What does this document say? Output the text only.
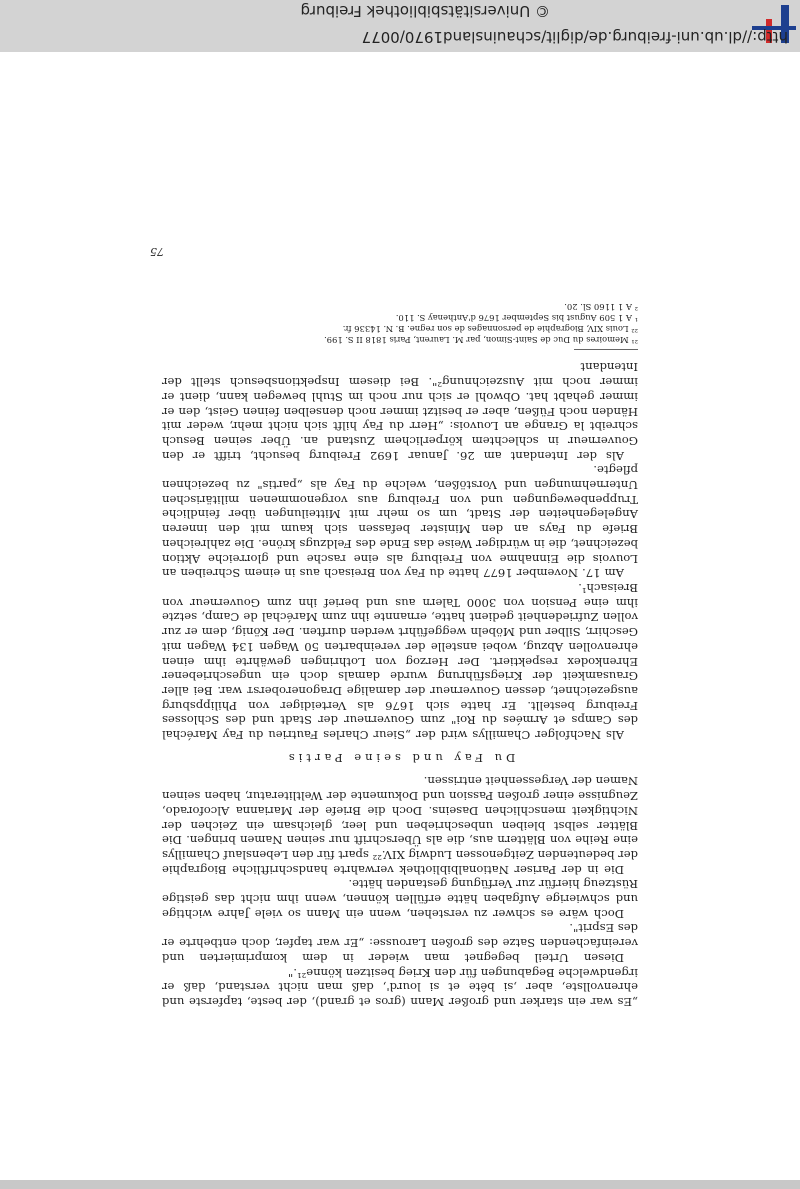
© Universitätsbibliothek Freiburg
http://dl.ub.uni-freiburg.de/diglit/schauinsland1970/0077

„Es war ein starker und großer Mann (gros et grand), der beste, tapferste und ehrenvollste, aber ‚si bête et si lourd', daß man nicht verstand, daß er irgendwelche Begabungen für den Krieg besitzen könne²¹."

Diesen Urteil begegnet man wieder in dem komprimierten und vereinfachenden Satze des großen Larousse: „Er war tapfer, doch entbehrte er des Esprit".

Doch wäre es schwer zu verstehen, wenn ein Mann so viele Jahre wichtige und schwierige Aufgaben hätte erfüllen können, wenn ihm nicht das geistige Rüstzeug hierfür zur Verfügung gestanden hätte.

Die in der Pariser Nationalbibliothek verwahrte handschriftliche Biographie der bedeutenden Zeitgenossen Ludwig XIV.²² spart für den Lebenslauf Chamillys eine Reihe von Blättern aus, die als Überschrift nur seinen Namen bringen. Die Blätter selbst bleiben unbeschrieben und leer, gleichsam ein Zeichen der Nichtigkeit menschlichen Daseins. Doch die Briefe der Marianna Alcoforado, Zeugnisse einer großen Passion und Dokumente der Weltliteratur, haben seinen Namen der Vergessenheit entrissen.

Du Fay und seine Partis

Als Nachfolger Chamillys wird der „Sieur Charles Fautrieu du Fay Maréchal des Camps et Armées du Roi" zum Gouverneur der Stadt und des Schlosses Freiburg bestellt. Er hatte sich 1676 als Verteidiger von Philippsburg ausgezeichnet, dessen Gouverneur der damalige Dragonerobersт war. Bei aller Grausamkeit der Kriegsführung wurde damals doch ein ungeschriebener Ehrenkodex respektiert. Der Herzog von Lothringen gewährte ihm einen ehrenvollen Abzug, wobei anstelle der vereinbarten 50 Wagen 134 Wagen mit Geschirr, Silber und Möbeln weggeführt werden durften. Der König, dem er zur vollen Zufriedenheit gedient hatte, ernannte ihn zum Maréchal de Camp, setzte ihm eine Pension von 3000 Talern aus und berief ihn zum Gouverneur von Breisach¹.

Am 17. November 1677 hatte du Fay von Breisach aus in einem Schreiben an Louvois die Einnahme von Freiburg als eine rasche und glorreiche Aktion bezeichnet, die in würdiger Weise das Ende des Feldzugs kröne. Die zahlreichen Briefe du Fays an den Minister befassen sich kaum mit den inneren Angelegenheiten der Stadt, um so mehr mit Mitteilungen über feindliche Truppenbewegungen und von Freiburg aus vorgenommenen militärischen Unternehmungen und Vorstößen, welche du Fay als „partis" zu bezeichnen pflegte.

Als der Intendant am 26. Januar 1692 Freiburg besucht, trifft er den Gouverneur in schlechtem körperlichem Zustand an. Über seinen Besuch schreibt la Grange an Louvois: „Herr du Fay hilft sich nicht mehr, weder mit Händen noch Füßen, aber er besitzt immer noch denselben feinen Geist, den er immer gehabt hat. Obwohl er sich nur noch im Stuhl bewegen kann, dient er immer noch mit Auszeichnung²". Bei diesem Inspektionsbesuch stellt der Intendant

²¹ Memoires du Duc de Saint-Simon, par M. Laurent, Paris 1818 II S. 199.
²² Louis XIV, Biographie de personnages de son regne. B. N. 14336 fr.
¹ A 1 509 August bis September 1676 d'Anthenay S. 110.
² A 1 1160 Sl. 20.
75
